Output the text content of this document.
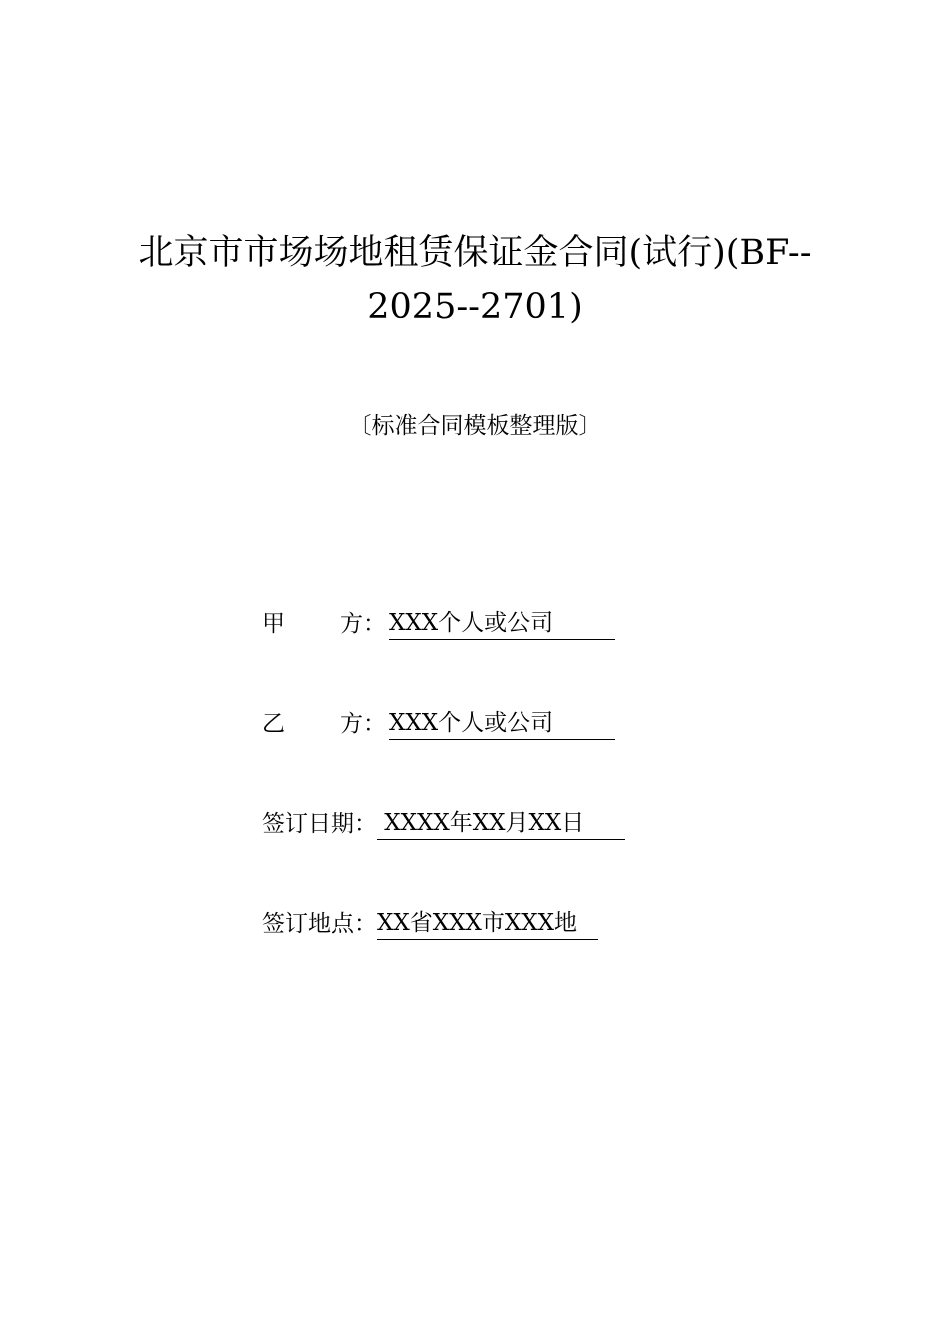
北京市市场场地租赁保证金合同(试行)(BF--
2025--2701)
〔标准合同模板整理版〕
甲 方： XXX个人或公司
乙 方： XXX个人或公司
签订日期： XXXX年XX月XX日
签订地点：XX省XXX市XXX地
